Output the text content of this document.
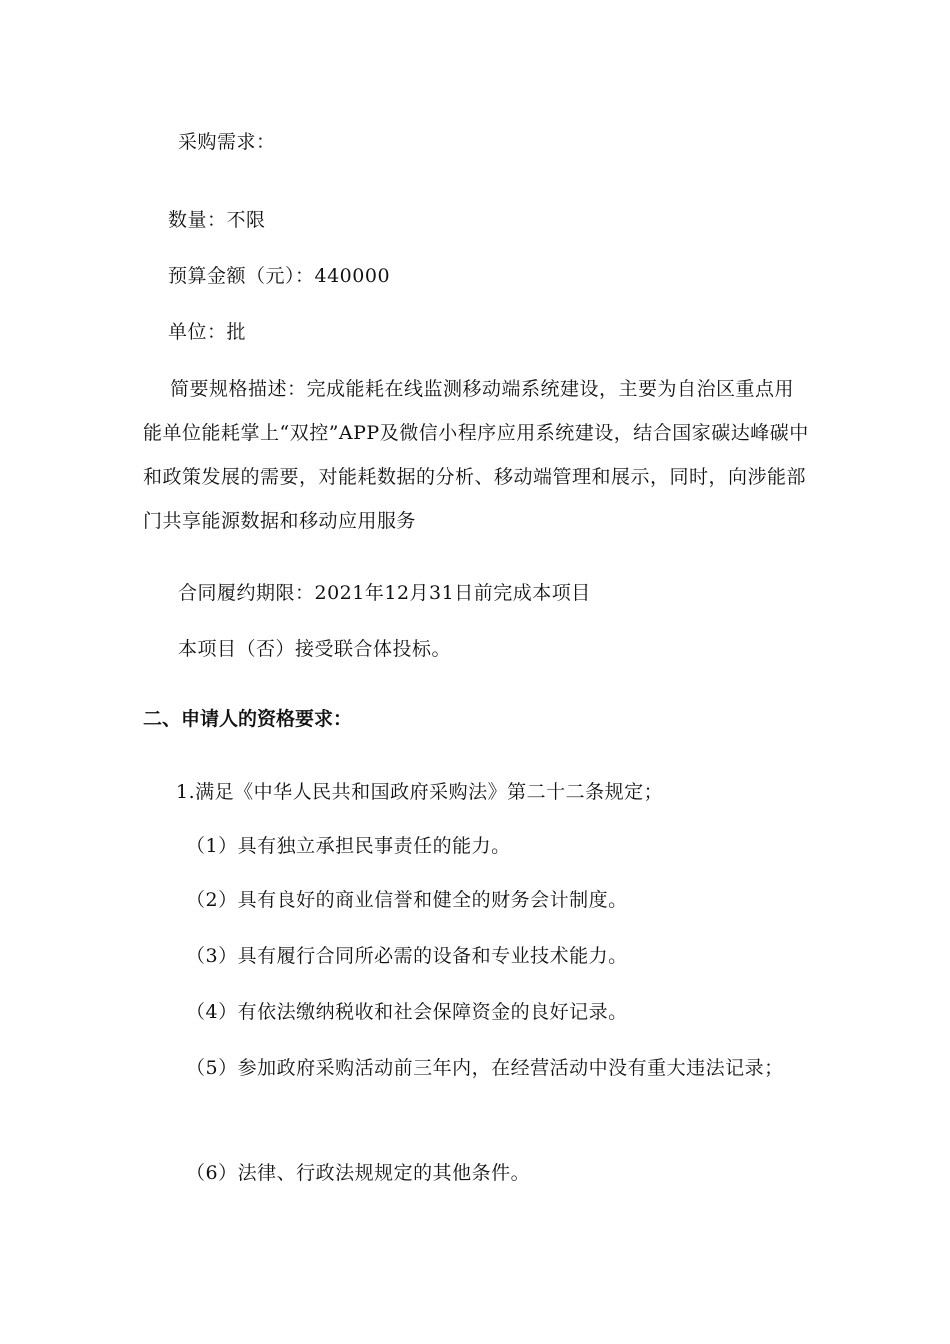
采购需求：
数量：不限
预算金额（元）：440000
单位：批
简要规格描述：完成能耗在线监测移动端系统建设，主要为自治区重点用能单位能耗掌上“双控”APP及微信小程序应用系统建设，结合国家碳达峰碳中和政策发展的需要，对能耗数据的分析、移动端管理和展示，同时，向涉能部门共享能源数据和移动应用服务
合同履约期限：2021年12月31日前完成本项目
本项目（否）接受联合体投标。
二、申请人的资格要求：
1.满足《中华人民共和国政府采购法》第二十二条规定；
（1）具有独立承担民事责任的能力。
（2）具有良好的商业信誉和健全的财务会计制度。
（3）具有履行合同所必需的设备和专业技术能力。
（4）有依法缴纳税收和社会保障资金的良好记录。
（5）参加政府采购活动前三年内，在经营活动中没有重大违法记录；
（6）法律、行政法规规定的其他条件。
